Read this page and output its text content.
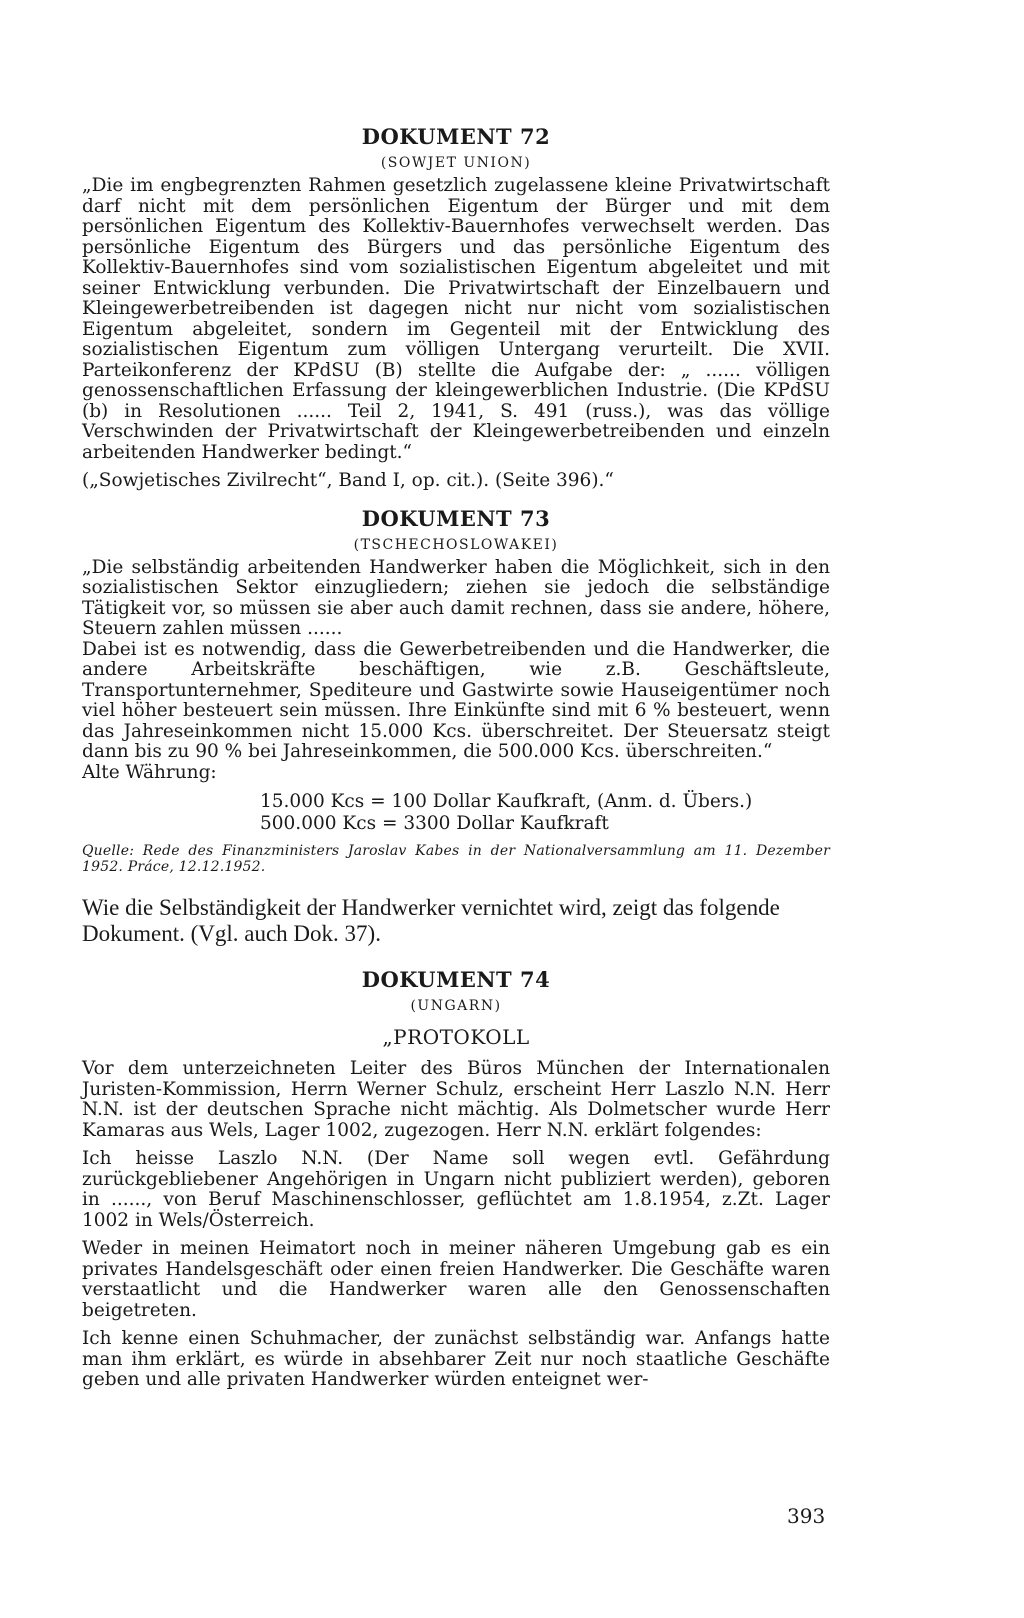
DOKUMENT 72
(SOWJET UNION)

„Die im engbegrenzten Rahmen gesetzlich zugelassene kleine Privatwirtschaft darf nicht mit dem persönlichen Eigentum der Bürger und mit dem persönlichen Eigentum des Kollektiv-Bauernhofes verwechselt werden. Das persönliche Eigentum des Bürgers und das persönliche Eigentum des Kollektiv-Bauernhofes sind vom sozialistischen Eigentum abgeleitet und mit seiner Entwicklung verbunden. Die Privatwirtschaft der Einzelbauern und Kleingewerbetreibenden ist dagegen nicht nur nicht vom sozialistischen Eigentum abgeleitet, sondern im Gegenteil mit der Entwicklung des sozialistischen Eigentum zum völligen Untergang verurteilt. Die XVII. Parteikonferenz der KPdSU (B) stellte die Aufgabe der: „ ...... völligen genossenschaftlichen Erfassung der kleingewerblichen Industrie. (Die KPdSU (b) in Resolutionen ...... Teil 2, 1941, S. 491 (russ.), was das völlige Verschwinden der Privatwirtschaft der Kleingewerbetreibenden und einzeln arbeitenden Handwerker bedingt.“

(„Sowjetisches Zivilrecht“, Band I, op. cit.). (Seite 396).“

DOKUMENT 73
(TSCHECHOSLOWAKEI)

„Die selbständig arbeitenden Handwerker haben die Möglichkeit, sich in den sozialistischen Sektor einzugliedern; ziehen sie jedoch die selbständige Tätigkeit vor, so müssen sie aber auch damit rechnen, dass sie andere, höhere, Steuern zahlen müssen ......

Dabei ist es notwendig, dass die Gewerbetreibenden und die Handwerker, die andere Arbeitskräfte beschäftigen, wie z.B. Geschäftsleute, Transportunternehmer, Spediteure und Gastwirte sowie Hauseigentümer noch viel höher besteuert sein müssen. Ihre Einkünfte sind mit 6 % besteuert, wenn das Jahreseinkommen nicht 15.000 Kcs. überschreitet. Der Steuersatz steigt dann bis zu 90 % bei Jahreseinkommen, die 500.000 Kcs. überschreiten.“

Alte Währung:

15.000 Kcs = 100 Dollar Kaufkraft, (Anm. d. Übers.)
500.000 Kcs = 3300 Dollar Kaufkraft

Quelle: Rede des Finanzministers Jaroslav Kabes in der Nationalversammlung am 11. Dezember 1952. Práce, 12.12.1952.

Wie die Selbständigkeit der Handwerker vernichtet wird, zeigt das folgende Dokument. (Vgl. auch Dok. 37).

DOKUMENT 74
(UNGARN)
„PROTOKOLL

Vor dem unterzeichneten Leiter des Büros München der Internationalen Juristen-Kommission, Herrn Werner Schulz, erscheint Herr Laszlo N.N. Herr N.N. ist der deutschen Sprache nicht mächtig. Als Dolmetscher wurde Herr Kamaras aus Wels, Lager 1002, zugezogen. Herr N.N. erklärt folgendes:

Ich heisse Laszlo N.N. (Der Name soll wegen evtl. Gefährdung zurückgebliebener Angehörigen in Ungarn nicht publiziert werden), geboren in ......, von Beruf Maschinenschlosser, geflüchtet am 1.8.1954, z.Zt. Lager 1002 in Wels/Österreich.

Weder in meinen Heimatort noch in meiner näheren Umgebung gab es ein privates Handelsgeschäft oder einen freien Handwerker. Die Geschäfte waren verstaatlicht und die Handwerker waren alle den Genossenschaften beigetreten.

Ich kenne einen Schuhmacher, der zunächst selbständig war. Anfangs hatte man ihm erklärt, es würde in absehbarer Zeit nur noch staatliche Geschäfte geben und alle privaten Handwerker würden enteignet wer-

393
